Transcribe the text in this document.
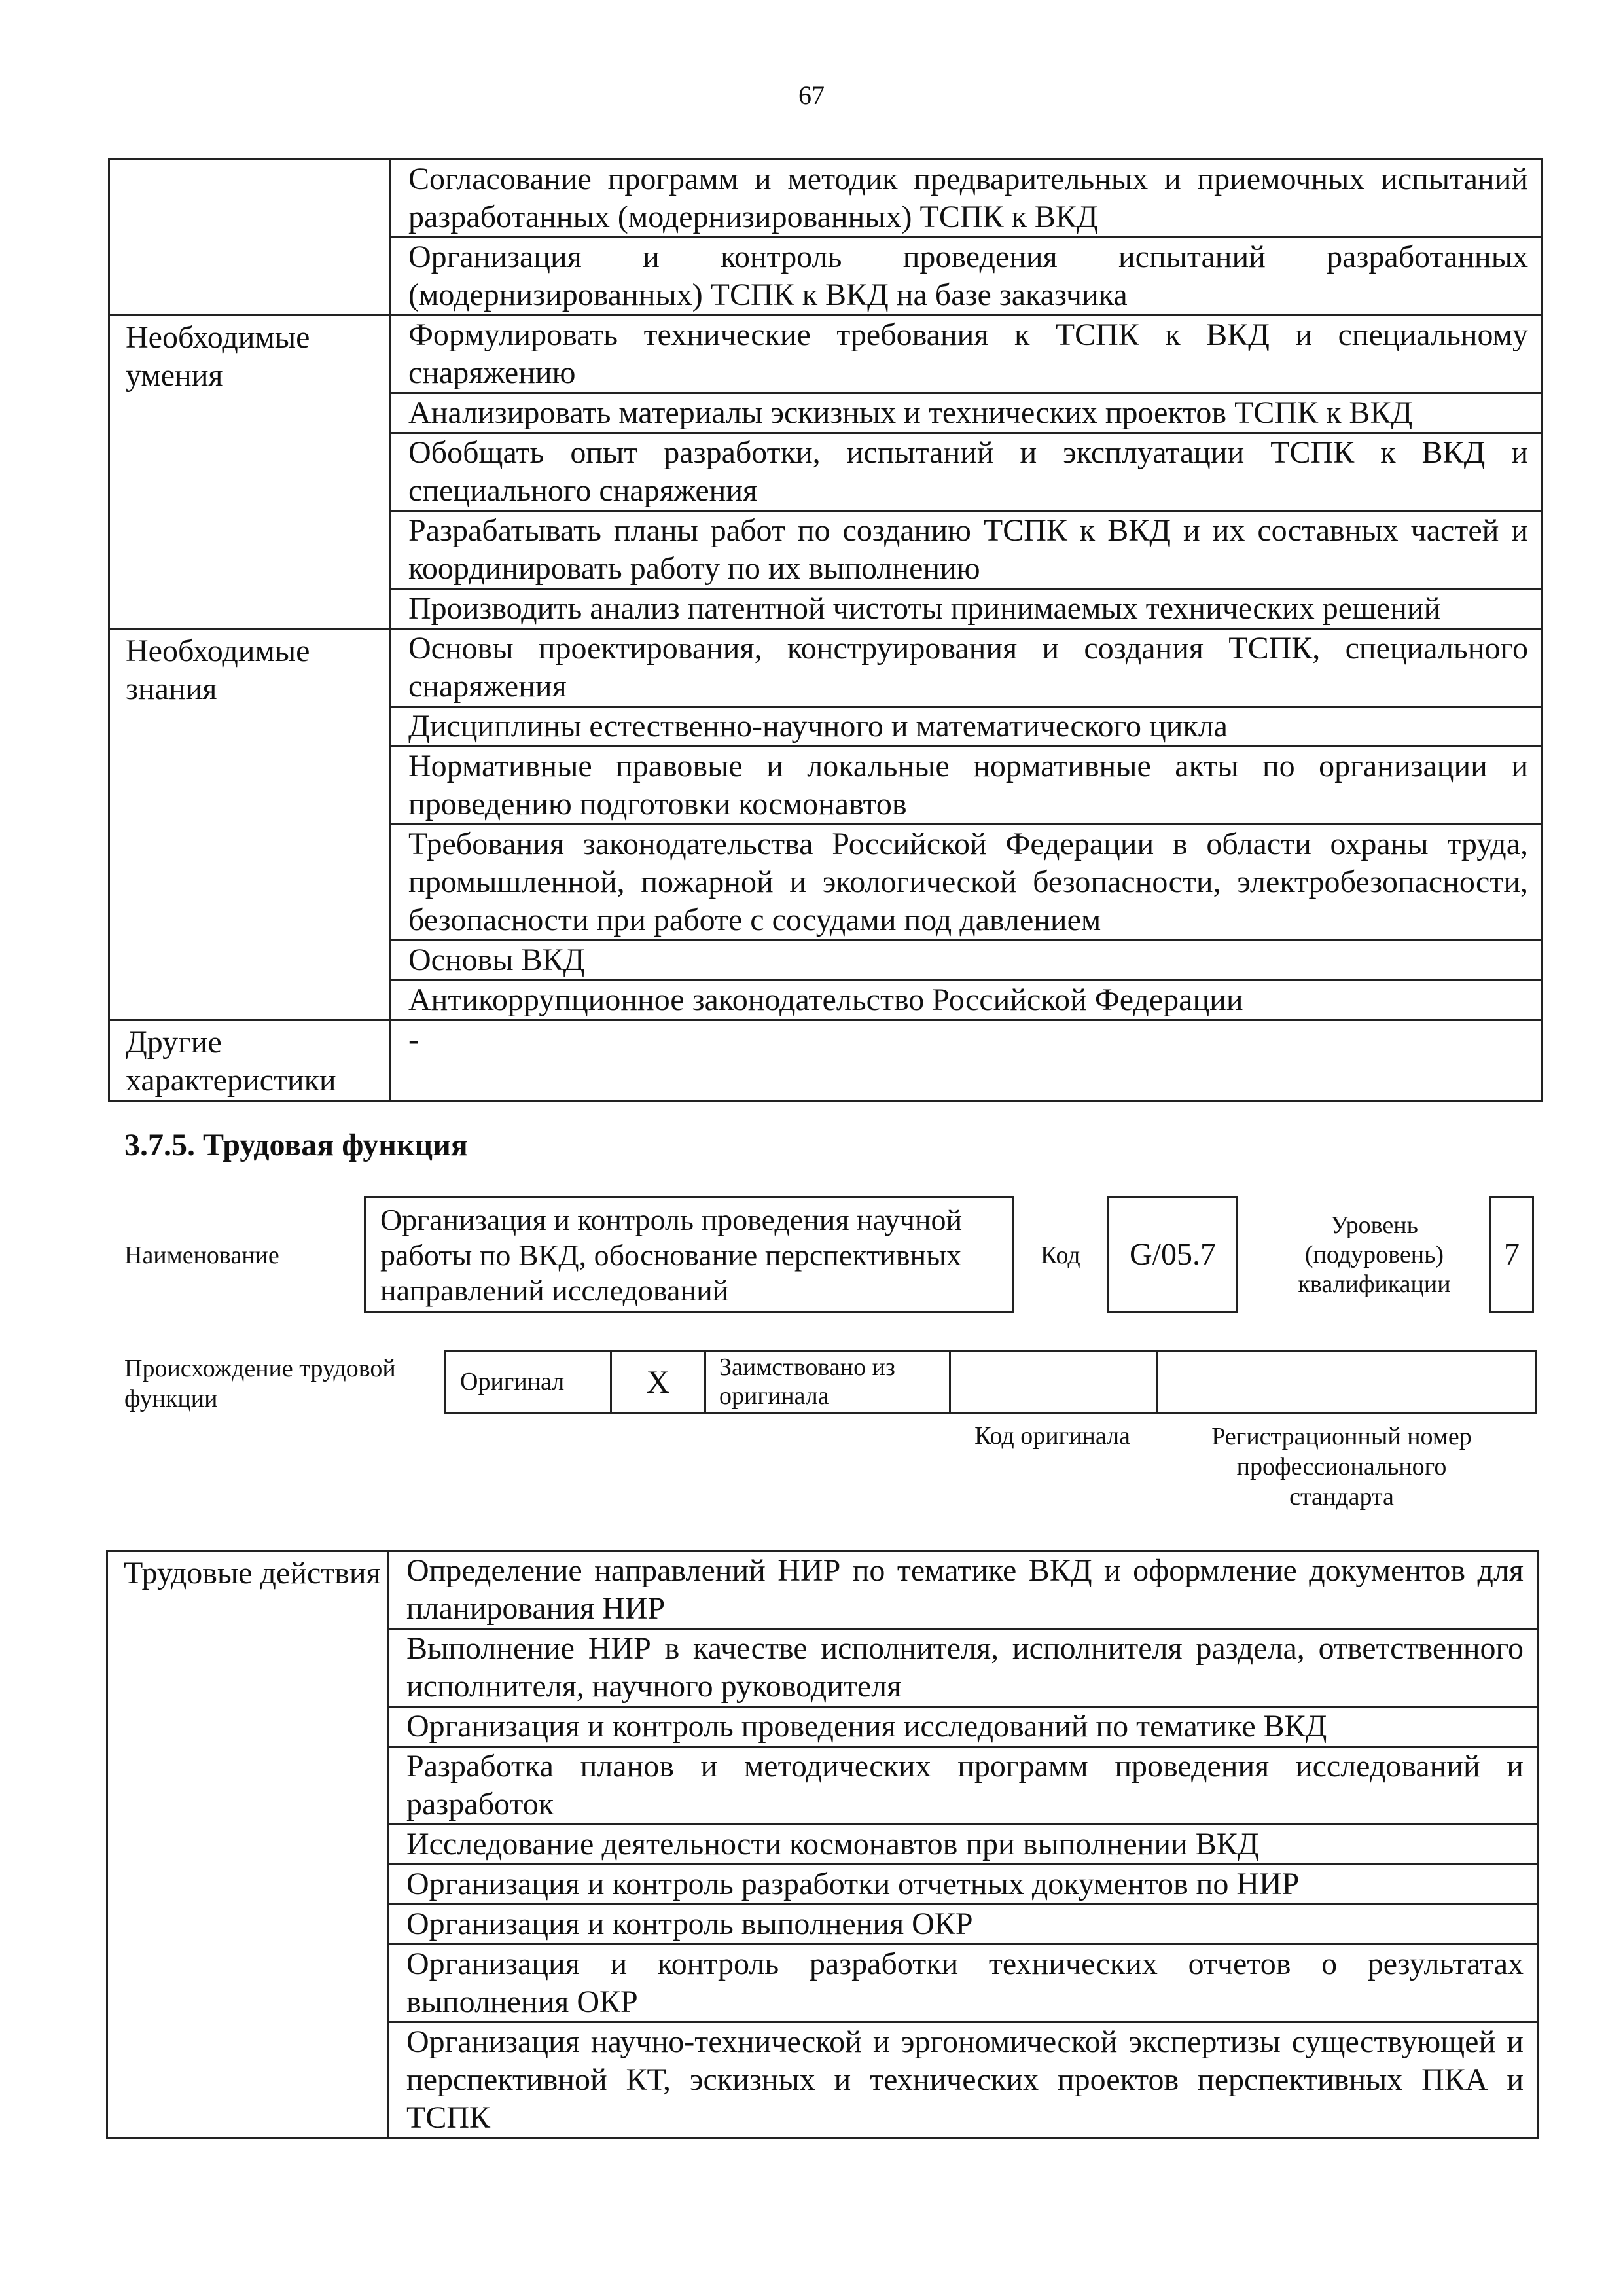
67
	Согласование программ и методик предварительных и приемочных испытаний разработанных (модернизированных) ТСПК к ВКД
	Организация и контроль проведения испытаний разработанных (модернизированных) ТСПК к ВКД на базе заказчика
Необходимые умения	Формулировать технические требования к ТСПК к ВКД и специальному снаряжению
	Анализировать материалы эскизных и технических проектов ТСПК к ВКД
	Обобщать опыт разработки, испытаний и эксплуатации ТСПК к ВКД и специального снаряжения
	Разрабатывать планы работ по созданию ТСПК к ВКД и их составных частей и координировать работу по их выполнению
	Производить анализ патентной чистоты принимаемых технических решений
Необходимые знания	Основы проектирования, конструирования и создания ТСПК, специального снаряжения
	Дисциплины естественно-научного и математического цикла
	Нормативные правовые и локальные нормативные акты по организации и проведению подготовки космонавтов
	Требования законодательства Российской Федерации в области охраны труда, промышленной, пожарной и экологической безопасности, электробезопасности, безопасности при работе с сосудами под давлением
	Основы ВКД
	Антикоррупционное законодательство Российской Федерации
Другие характеристики	-
3.7.5. Трудовая функция
Наименование
Организация и контроль проведения научной работы по ВКД, обоснование перспективных направлений исследований
Код	G/05.7
Уровень (подуровень) квалификации
7
Происхождение трудовой функции
Оригинал	X	Заимствовано из оригинала		
Код оригинала	Регистрационный номер профессионального стандарта
Трудовые действия	Определение направлений НИР по тематике ВКД и оформление документов для планирования НИР
Выполнение НИР в качестве исполнителя, исполнителя раздела, ответственного исполнителя, научного руководителя
Организация и контроль проведения исследований по тематике ВКД
Разработка планов и методических программ проведения исследований и разработок
Исследование деятельности космонавтов при выполнении ВКД
Организация и контроль разработки отчетных документов по НИР
Организация и контроль выполнения ОКР
Организация и контроль разработки технических отчетов о результатах выполнения ОКР
Организация научно-технической и эргономической экспертизы существующей и перспективной КТ, эскизных и технических проектов перспективных ПКА и ТСПК
